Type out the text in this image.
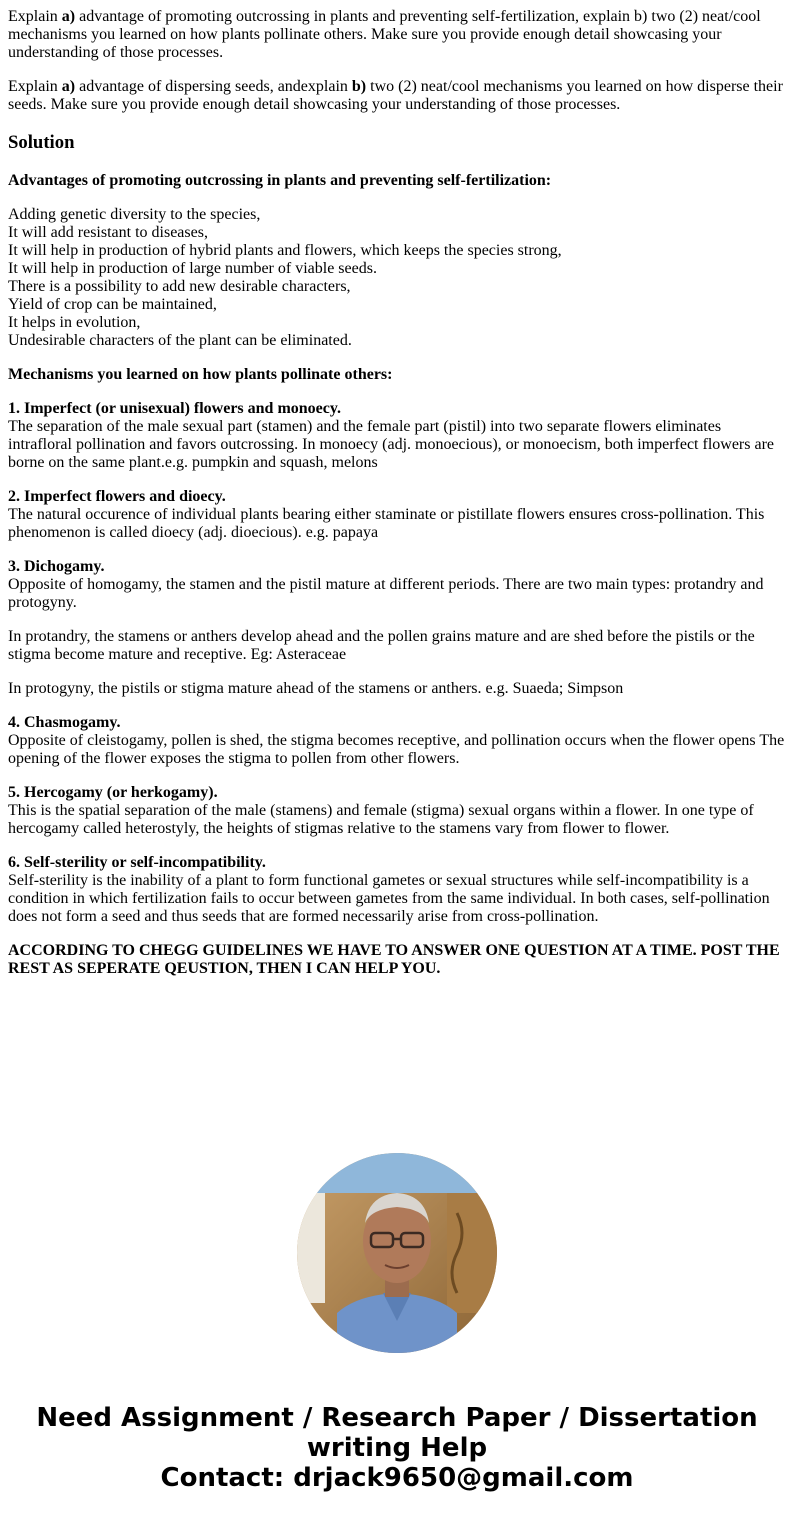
Explain a) advantage of promoting outcrossing in plants and preventing self-fertilization, explain b) two (2) neat/cool mechanisms you learned on how plants pollinate others. Make sure you provide enough detail showcasing your understanding of those processes.

Explain a) advantage of dispersing seeds, andexplain b) two (2) neat/cool mechanisms you learned on how disperse their seeds. Make sure you provide enough detail showcasing your understanding of those processes.

Solution

Advantages of promoting outcrossing in plants and preventing self-fertilization:

Adding genetic diversity to the species,
It will add resistant to diseases,
It will help in production of hybrid plants and flowers, which keeps the species strong,
It will help in production of large number of viable seeds.
There is a possibility to add new desirable characters,
Yield of crop can be maintained,
It helps in evolution,
Undesirable characters of the plant can be eliminated.

Mechanisms you learned on how plants pollinate others:

1. Imperfect (or unisexual) flowers and monoecy.
The separation of the male sexual part (stamen) and the female part (pistil) into two separate flowers eliminates intrafloral pollination and favors outcrossing. In monoecy (adj. monoecious), or monoecism, both imperfect flowers are borne on the same plant.e.g. pumpkin and squash, melons

2. Imperfect flowers and dioecy.
The natural occurence of individual plants bearing either staminate or pistillate flowers ensures cross-pollination. This phenomenon is called dioecy (adj. dioecious). e.g. papaya

3. Dichogamy.
Opposite of homogamy, the stamen and the pistil mature at different periods. There are two main types: protandry and protogyny.

In protandry, the stamens or anthers develop ahead and the pollen grains mature and are shed before the pistils or the stigma become mature and receptive. Eg: Asteraceae

In protogyny, the pistils or stigma mature ahead of the stamens or anthers. e.g. Suaeda; Simpson

4. Chasmogamy.
Opposite of cleistogamy, pollen is shed, the stigma becomes receptive, and pollination occurs when the flower opens The opening of the flower exposes the stigma to pollen from other flowers.

5. Hercogamy (or herkogamy).
This is the spatial separation of the male (stamens) and female (stigma) sexual organs within a flower. In one type of hercogamy called heterostyly, the heights of stigmas relative to the stamens vary from flower to flower.

6. Self-sterility or self-incompatibility.
Self-sterility is the inability of a plant to form functional gametes or sexual structures while self-incompatibility is a condition in which fertilization fails to occur between gametes from the same individual. In both cases, self-pollination does not form a seed and thus seeds that are formed necessarily arise from cross-pollination.

ACCORDING TO CHEGG GUIDELINES WE HAVE TO ANSWER ONE QUESTION AT A TIME. POST THE REST AS SEPERATE QEUSTION, THEN I CAN HELP YOU.

Need Assignment / Research Paper / Dissertation
writing Help
Contact: drjack9650@gmail.com
